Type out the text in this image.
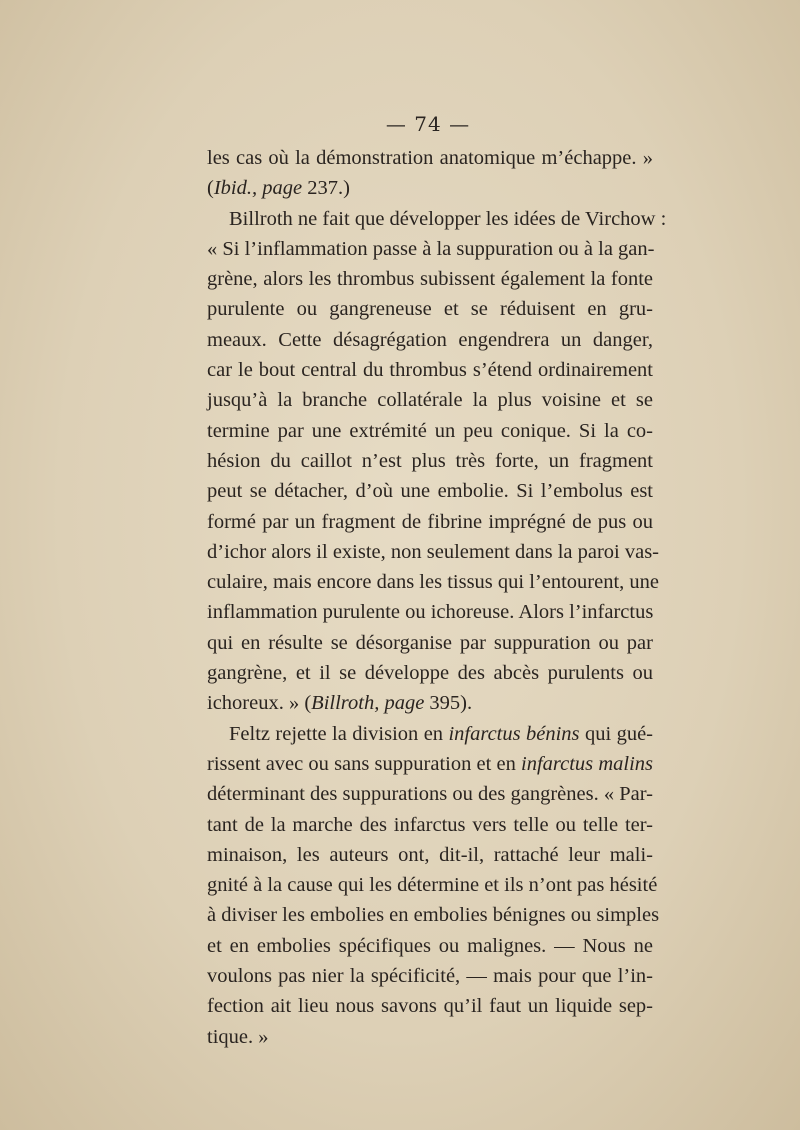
— 74 —
les cas où la démonstration anatomique m’échappe. »
(Ibid., page 237.)
Billroth ne fait que développer les idées de Virchow :
« Si l’inflammation passe à la suppuration ou à la gan-
grène, alors les thrombus subissent également la fonte
purulente ou gangreneuse et se réduisent en gru-
meaux. Cette désagrégation engendrera un danger,
car le bout central du thrombus s’étend ordinairement
jusqu’à la branche collatérale la plus voisine et se
termine par une extrémité un peu conique. Si la co-
hésion du caillot n’est plus très forte, un fragment
peut se détacher, d’où une embolie. Si l’embolus est
formé par un fragment de fibrine imprégné de pus ou
d’ichor alors il existe, non seulement dans la paroi vas-
culaire, mais encore dans les tissus qui l’entourent, une
inflammation purulente ou ichoreuse. Alors l’infarctus
qui en résulte se désorganise par suppuration ou par
gangrène, et il se développe des abcès purulents ou
ichoreux. » (Billroth, page 395).
Feltz rejette la division en infarctus bénins qui gué-
rissent avec ou sans suppuration et en infarctus malins
déterminant des suppurations ou des gangrènes. « Par-
tant de la marche des infarctus vers telle ou telle ter-
minaison, les auteurs ont, dit-il, rattaché leur mali-
gnité à la cause qui les détermine et ils n’ont pas hésité
à diviser les embolies en embolies bénignes ou simples
et en embolies spécifiques ou malignes. — Nous ne
voulons pas nier la spécificité, — mais pour que l’in-
fection ait lieu nous savons qu’il faut un liquide sep-
tique. »
